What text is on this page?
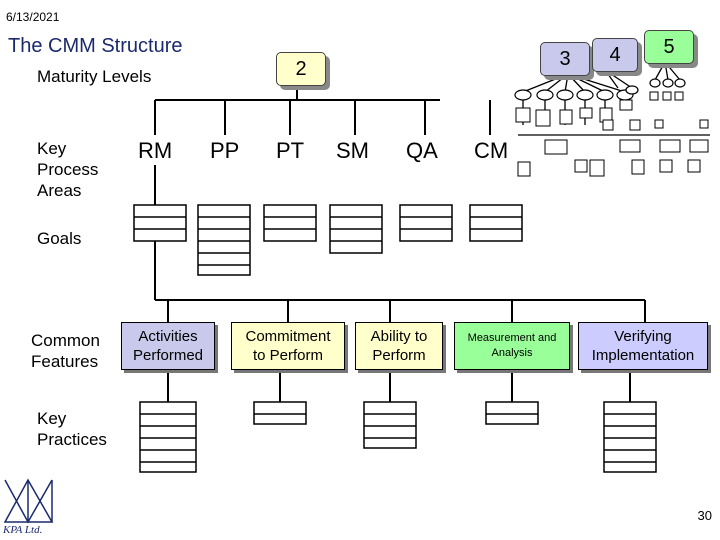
6/13/2021
The CMM Structure
Maturity Levels
Key
Process
Areas
Goals
Common
Features
Key
Practices
2	3 4 5
RM PP PT SM QA CM
Activities
Performed
Commitment
to Perform
Ability to
Perform
Measurement and
Analysis
Verifying
Implementation
KPA Ltd.
30
